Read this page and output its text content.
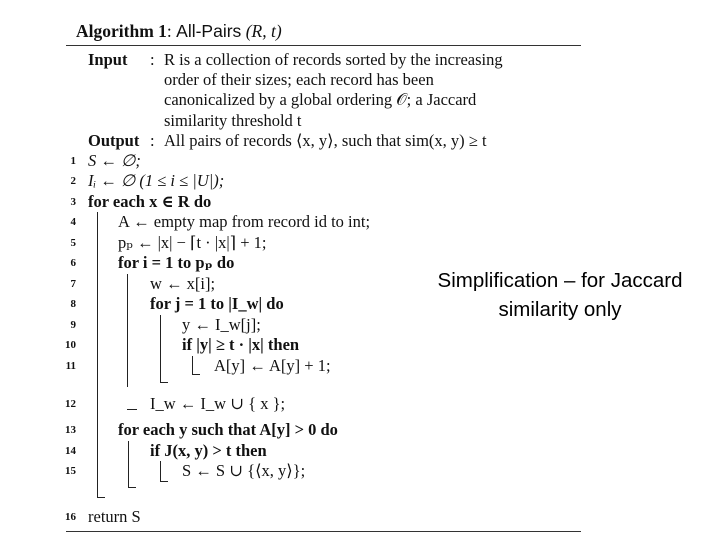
Algorithm 1: All-Pairs (R, t)
Input : R is a collection of records sorted by the increasing
order of their sizes; each record has been
canonicalized by a global ordering 𝒪; a Jaccard
similarity threshold t
Output : All pairs of records ⟨x, y⟩, such that sim(x, y) ≥ t
1
2
3
4
5
6
7
8
9
10
11
12
13
14
15
16
S ← ∅;
Iᵢ ← ∅ (1 ≤ i ≤ |U|);
for each x ∈ R do
A ← empty map from record id to int;
pₚ ← |x| − ⌈t · |x|⌉ + 1;
for i = 1 to pₚ do
w ← x[i];
for j = 1 to |I_w| do
y ← I_w[j];
if |y| ≥ t · |x| then
A[y] ← A[y] + 1;
I_w ← I_w ∪ { x };
for each y such that A[y] > 0 do
if J(x, y) > t then
S ← S ∪ {⟨x, y⟩};
return S
Simplification – for Jaccard
similarity only
